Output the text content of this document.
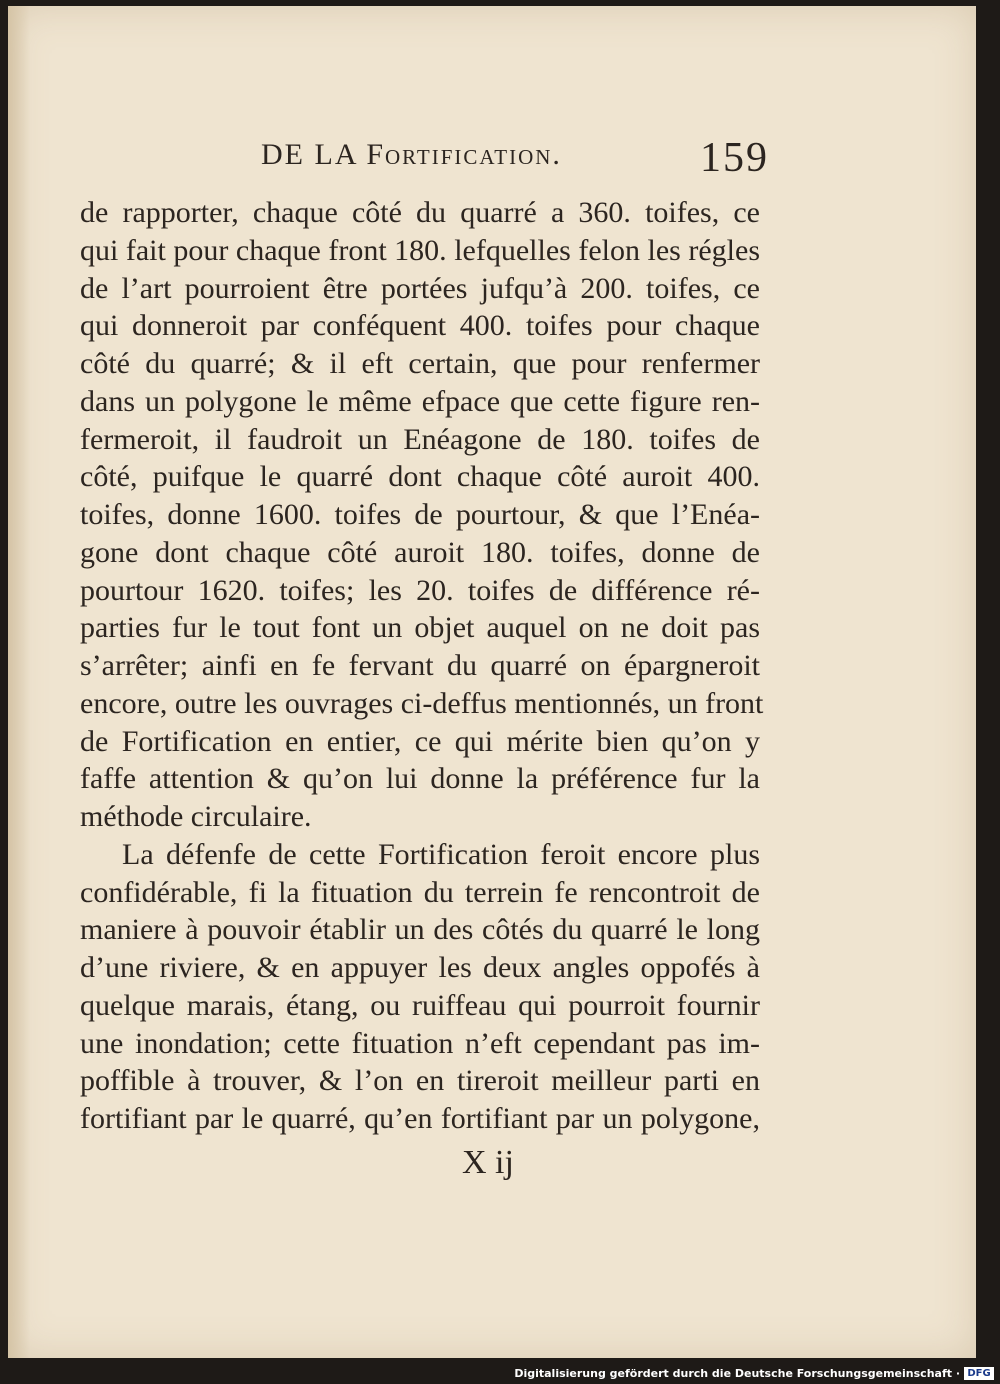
DE LA Fortification.	159
de rapporter, chaque côté du quarré a 360. toifes, ce
qui fait pour chaque front 180. lefquelles felon les régles
de l’art pourroient être portées jufqu’à 200. toifes, ce
qui donneroit par conféquent 400. toifes pour chaque
côté du quarré; & il eft certain, que pour renfermer
dans un polygone le même efpace que cette figure ren-
fermeroit, il faudroit un Enéagone de 180. toifes de
côté, puifque le quarré dont chaque côté auroit 400.
toifes, donne 1600. toifes de pourtour, & que l’Enéa-
gone dont chaque côté auroit 180. toifes, donne de
pourtour 1620. toifes; les 20. toifes de différence ré-
parties fur le tout font un objet auquel on ne doit pas
s’arrêter; ainfi en fe fervant du quarré on épargneroit
encore, outre les ouvrages ci-deffus mentionnés, un front
de Fortification en entier, ce qui mérite bien qu’on y
faffe attention & qu’on lui donne la préférence fur la
méthode circulaire.
La défenfe de cette Fortification feroit encore plus
confidérable, fi la fituation du terrein fe rencontroit de
maniere à pouvoir établir un des côtés du quarré le long
d’une riviere, & en appuyer les deux angles oppofés à
quelque marais, étang, ou ruiffeau qui pourroit fournir
une inondation; cette fituation n’eft cependant pas im-
poffible à trouver, & l’on en tireroit meilleur parti en
fortifiant par le quarré, qu’en fortifiant par un polygone,
X ij
Digitalisierung gefördert durch die Deutsche Forschungsgemeinschaft · DFG
